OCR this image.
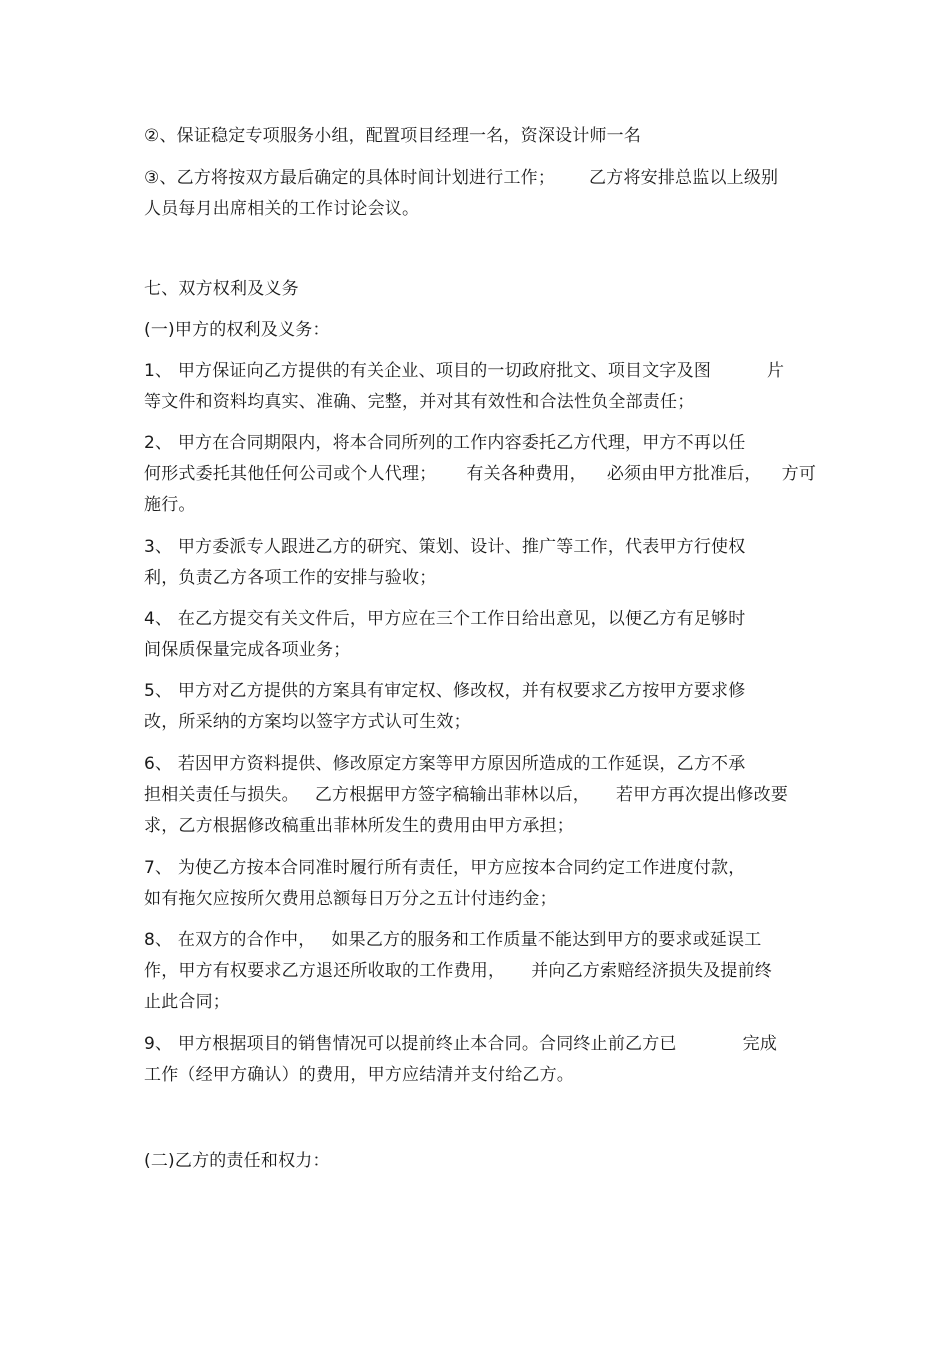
②、保证稳定专项服务小组，配置项目经理一名，资深设计师一名
③、乙方将按双方最后确定的具体时间计划进行工作； 乙方将安排总监以上级别
人员每月出席相关的工作讨论会议。
七、双方权利及义务
(一)甲方的权利及义务：
1、 甲方保证向乙方提供的有关企业、项目的一切政府批文、项目文字及图	片
等文件和资料均真实、准确、完整，并对其有效性和合法性负全部责任；
2、 甲方在合同期限内，将本合同所列的工作内容委托乙方代理，甲方不再以任
何形式委托其他任何公司或个人代理； 有关各种费用， 必须由甲方批准后， 方可
施行。
3、 甲方委派专人跟进乙方的研究、策划、设计、推广等工作，代表甲方行使权
利，负责乙方各项工作的安排与验收；
4、 在乙方提交有关文件后，甲方应在三个工作日给出意见，以便乙方有足够时
间保质保量完成各项业务；
5、 甲方对乙方提供的方案具有审定权、修改权，并有权要求乙方按甲方要求修
改，所采纳的方案均以签字方式认可生效；
6、 若因甲方资料提供、修改原定方案等甲方原因所造成的工作延误，乙方不承
担相关责任与损失。 乙方根据甲方签字稿输出菲林以后， 若甲方再次提出修改要
求，乙方根据修改稿重出菲林所发生的费用由甲方承担；
7、 为使乙方按本合同准时履行所有责任，甲方应按本合同约定工作进度付款，
如有拖欠应按所欠费用总额每日万分之五计付违约金；
8、 在双方的合作中， 如果乙方的服务和工作质量不能达到甲方的要求或延误工
作，甲方有权要求乙方退还所收取的工作费用， 并向乙方索赔经济损失及提前终
止此合同；
9、 甲方根据项目的销售情况可以提前终止本合同。合同终止前乙方已	完成
工作（经甲方确认）的费用，甲方应结清并支付给乙方。
(二)乙方的责任和权力：
